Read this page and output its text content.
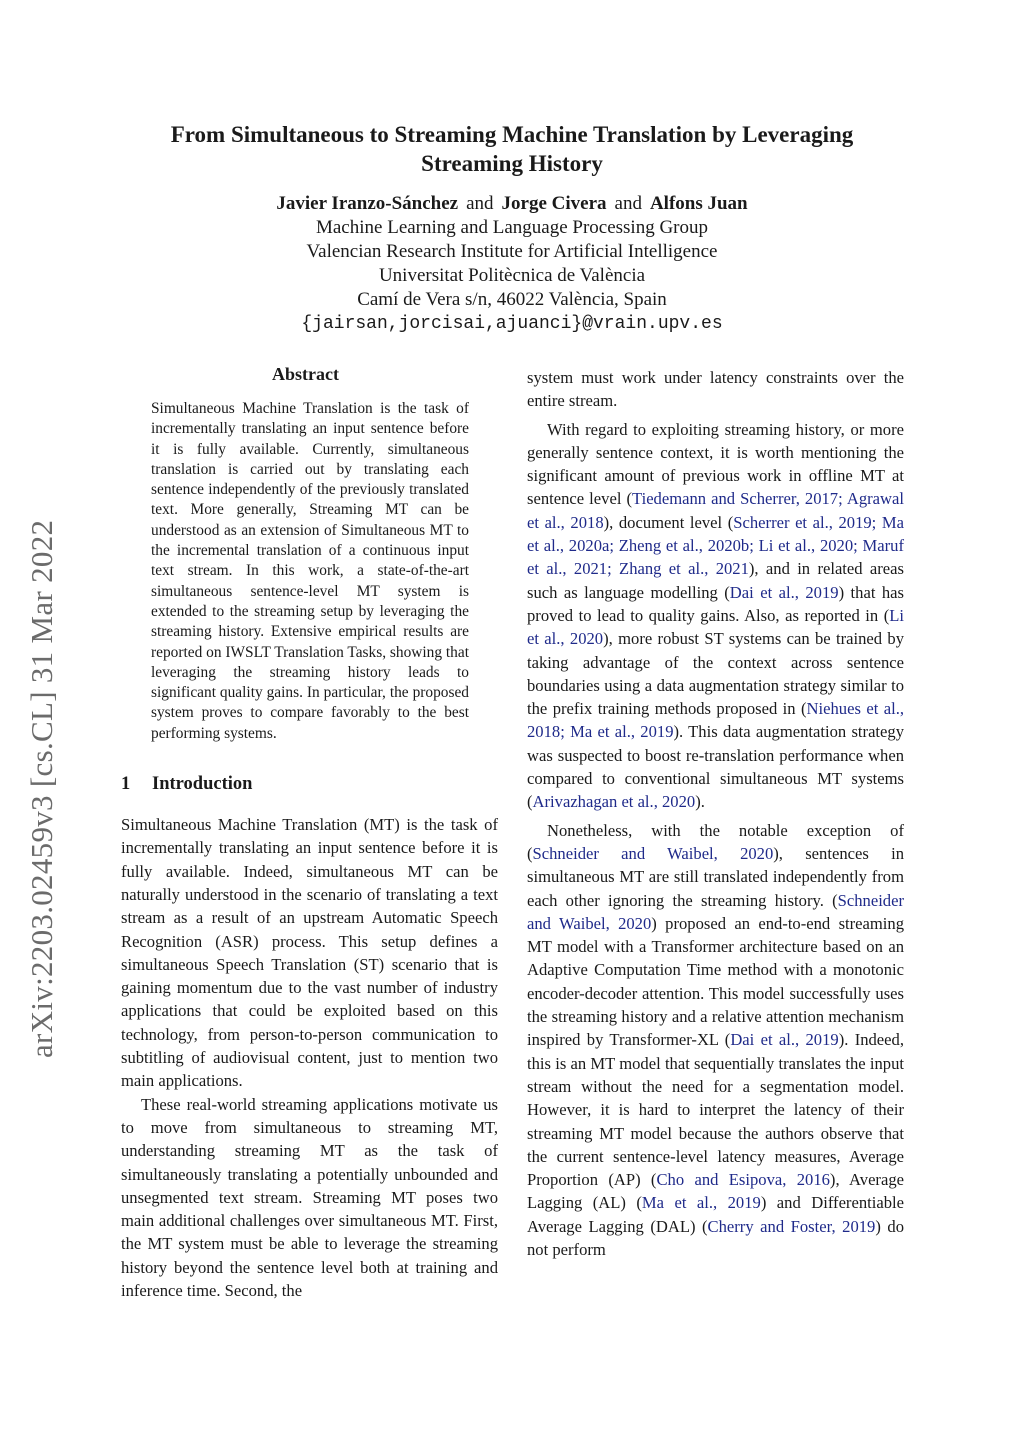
arXiv:2203.02459v3 [cs.CL] 31 Mar 2022
From Simultaneous to Streaming Machine Translation by Leveraging
Streaming History
Javier Iranzo-Sánchez and Jorge Civera and Alfons Juan
Machine Learning and Language Processing Group
Valencian Research Institute for Artificial Intelligence
Universitat Politècnica de València
Camí de Vera s/n, 46022 València, Spain
{jairsan,jorcisai,ajuanci}@vrain.upv.es
Abstract
Simultaneous Machine Translation is the task of incrementally translating an input sentence before it is fully available. Currently, simultaneous translation is carried out by translating each sentence independently of the previously translated text. More generally, Streaming MT can be understood as an extension of Simultaneous MT to the incremental translation of a continuous input text stream. In this work, a state-of-the-art simultaneous sentence-level MT system is extended to the streaming setup by leveraging the streaming history. Extensive empirical results are reported on IWSLT Translation Tasks, showing that leveraging the streaming history leads to significant quality gains. In particular, the proposed system proves to compare favorably to the best performing systems.
1 Introduction

Simultaneous Machine Translation (MT) is the task of incrementally translating an input sentence before it is fully available. Indeed, simultaneous MT can be naturally understood in the scenario of translating a text stream as a result of an upstream Automatic Speech Recognition (ASR) process. This setup defines a simultaneous Speech Translation (ST) scenario that is gaining momentum due to the vast number of industry applications that could be exploited based on this technology, from person-to-person communication to subtitling of audiovisual content, just to mention two main applications.

These real-world streaming applications motivate us to move from simultaneous to streaming MT, understanding streaming MT as the task of simultaneously translating a potentially unbounded and unsegmented text stream. Streaming MT poses two main additional challenges over simultaneous MT. First, the MT system must be able to leverage the streaming history beyond the sentence level both at training and inference time. Second, the

system must work under latency constraints over the entire stream.

With regard to exploiting streaming history, or more generally sentence context, it is worth mentioning the significant amount of previous work in offline MT at sentence level (Tiedemann and Scherrer, 2017; Agrawal et al., 2018), document level (Scherrer et al., 2019; Ma et al., 2020a; Zheng et al., 2020b; Li et al., 2020; Maruf et al., 2021; Zhang et al., 2021), and in related areas such as language modelling (Dai et al., 2019) that has proved to lead to quality gains. Also, as reported in (Li et al., 2020), more robust ST systems can be trained by taking advantage of the context across sentence boundaries using a data augmentation strategy similar to the prefix training methods proposed in (Niehues et al., 2018; Ma et al., 2019). This data augmentation strategy was suspected to boost re-translation performance when compared to conventional simultaneous MT systems (Arivazhagan et al., 2020).

Nonetheless, with the notable exception of (Schneider and Waibel, 2020), sentences in simultaneous MT are still translated independently from each other ignoring the streaming history. (Schneider and Waibel, 2020) proposed an end-to-end streaming MT model with a Transformer architecture based on an Adaptive Computation Time method with a monotonic encoder-decoder attention. This model successfully uses the streaming history and a relative attention mechanism inspired by Transformer-XL (Dai et al., 2019). Indeed, this is an MT model that sequentially translates the input stream without the need for a segmentation model. However, it is hard to interpret the latency of their streaming MT model because the authors observe that the current sentence-level latency measures, Average Proportion (AP) (Cho and Esipova, 2016), Average Lagging (AL) (Ma et al., 2019) and Differentiable Average Lagging (DAL) (Cherry and Foster, 2019) do not perform
